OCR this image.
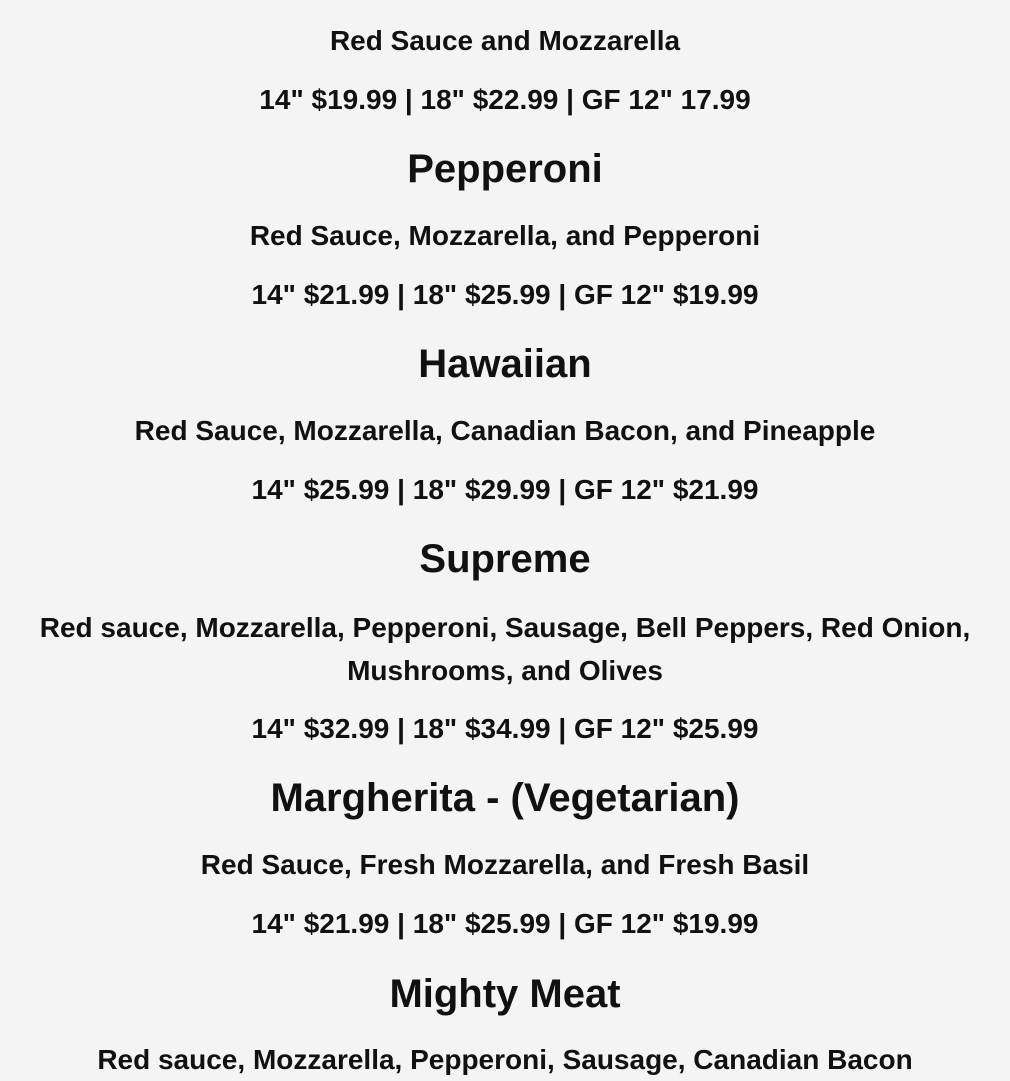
Red Sauce and Mozzarella

14" $19.99 | 18" $22.99 | GF 12" 17.99

Pepperoni

Red Sauce, Mozzarella, and Pepperoni

14" $21.99 | 18" $25.99 | GF 12" $19.99

Hawaiian

Red Sauce, Mozzarella, Canadian Bacon, and Pineapple

14" $25.99 | 18" $29.99 | GF 12" $21.99

Supreme

Red sauce, Mozzarella, Pepperoni, Sausage, Bell Peppers, Red Onion, Mushrooms, and Olives

14" $32.99 | 18" $34.99 | GF 12" $25.99

Margherita - (Vegetarian)

Red Sauce, Fresh Mozzarella, and Fresh Basil

14" $21.99 | 18" $25.99 | GF 12" $19.99

Mighty Meat

Red sauce, Mozzarella, Pepperoni, Sausage, Canadian Bacon
